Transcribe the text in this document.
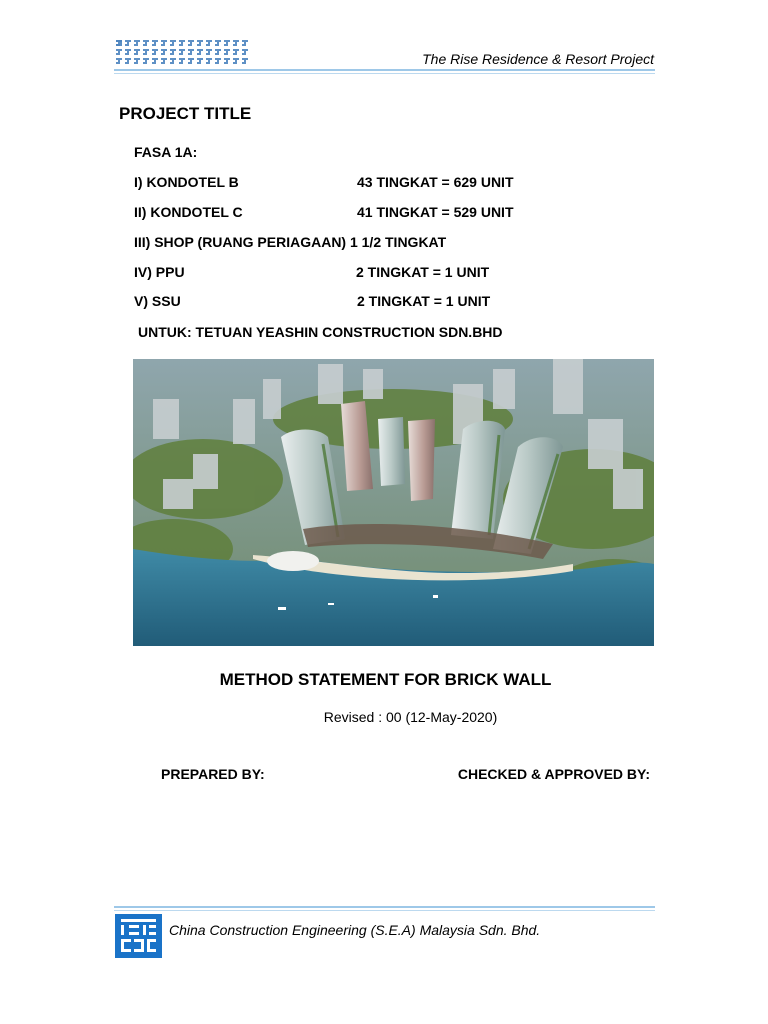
The Rise Residence & Resort Project
PROJECT TITLE
FASA 1A:
I) KONDOTEL B	43 TINGKAT = 629 UNIT
II) KONDOTEL C	41 TINGKAT = 529 UNIT
III) SHOP (RUANG PERIAGAAN) 1 1/2 TINGKAT
IV) PPU	2 TINGKAT = 1 UNIT
V) SSU	2 TINGKAT = 1 UNIT
UNTUK: TETUAN YEASHIN CONSTRUCTION SDN.BHD
METHOD STATEMENT FOR BRICK WALL
Revised : 00 (12-May-2020)
PREPARED BY:	CHECKED & APPROVED BY:
China Construction Engineering (S.E.A) Malaysia Sdn. Bhd.
